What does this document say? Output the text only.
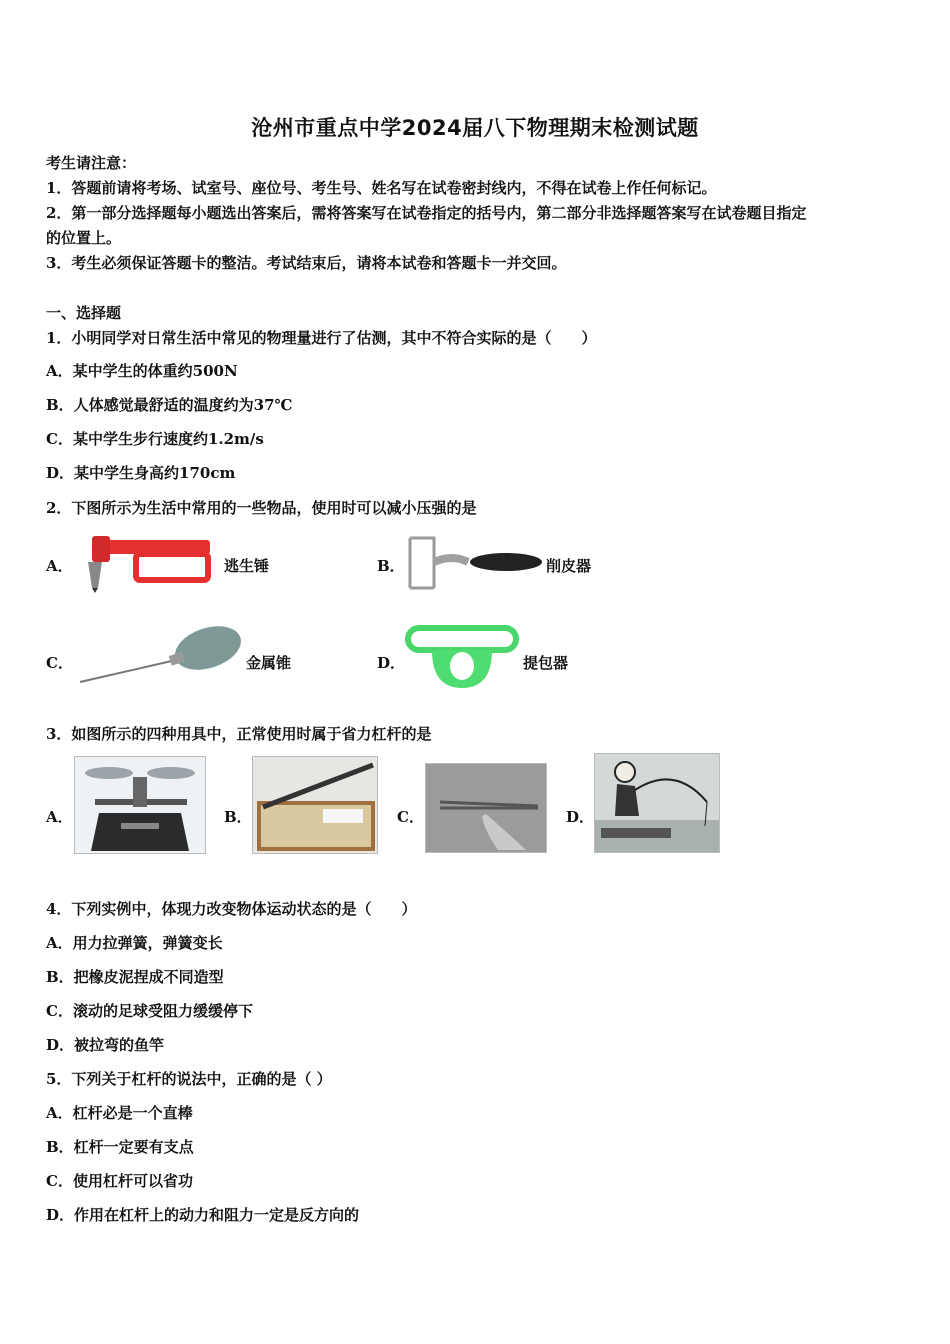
沧州市重点中学2024届八下物理期末检测试题
考生请注意：
1．答题前请将考场、试室号、座位号、考生号、姓名写在试卷密封线内，不得在试卷上作任何标记。
2．第一部分选择题每小题选出答案后，需将答案写在试卷指定的括号内，第二部分非选择题答案写在试卷题目指定
的位置上。
3．考生必须保证答题卡的整洁。考试结束后，请将本试卷和答题卡一并交回。
一、选择题
1．小明同学对日常生活中常见的物理量进行了估测，其中不符合实际的是（　　）
A．某中学生的体重约500N
B．人体感觉最舒适的温度约为37℃
C．某中学生步行速度约1.2m/s
D．某中学生身高约170cm
2．下图所示为生活中常用的一些物品，使用时可以减小压强的是
A．	逃生锤	B．	削皮器
C．	金属锥	D．	提包器
3．如图所示的四种用具中，正常使用时属于省力杠杆的是
A．	B．	C．	D．
4．下列实例中，体现力改变物体运动状态的是（　　）
A．用力拉弹簧，弹簧变长
B．把橡皮泥捏成不同造型
C．滚动的足球受阻力缓缓停下
D．被拉弯的鱼竿
5．下列关于杠杆的说法中，正确的是（ ）
A．杠杆必是一个直棒
B．杠杆一定要有支点
C．使用杠杆可以省功
D．作用在杠杆上的动力和阻力一定是反方向的
